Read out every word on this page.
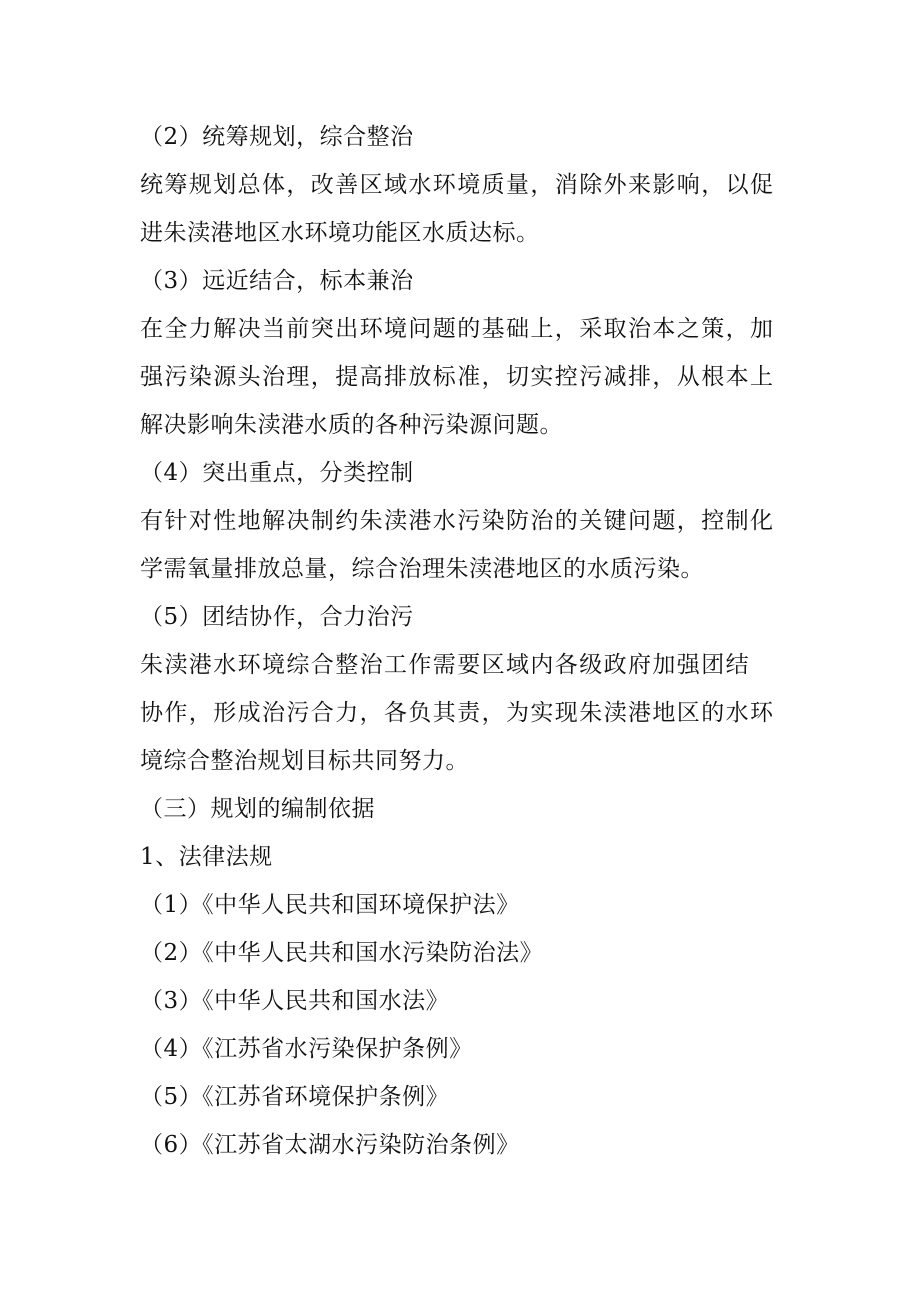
（2）统筹规划，综合整治
统筹规划总体，改善区域水环境质量，消除外来影响，以促
进朱渎港地区水环境功能区水质达标。
（3）远近结合，标本兼治
在全力解决当前突出环境问题的基础上，采取治本之策，加
强污染源头治理，提高排放标准，切实控污减排，从根本上
解决影响朱渎港水质的各种污染源问题。
（4）突出重点，分类控制
有针对性地解决制约朱渎港水污染防治的关键问题，控制化
学需氧量排放总量，综合治理朱渎港地区的水质污染。
（5）团结协作，合力治污
朱渎港水环境综合整治工作需要区域内各级政府加强团结
协作，形成治污合力，各负其责，为实现朱渎港地区的水环
境综合整治规划目标共同努力。
（三）规划的编制依据
1、法律法规
（1）《中华人民共和国环境保护法》
（2）《中华人民共和国水污染防治法》
（3）《中华人民共和国水法》
（4）《江苏省水污染保护条例》
（5）《江苏省环境保护条例》
（6）《江苏省太湖水污染防治条例》
